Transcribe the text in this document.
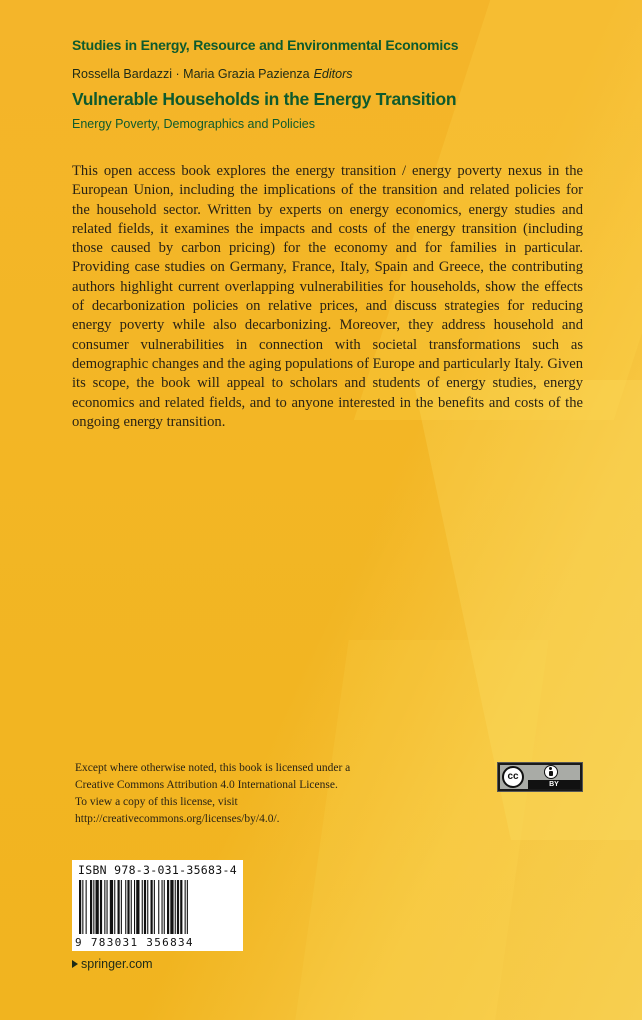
Studies in Energy, Resource and Environmental Economics
Rossella Bardazzi · Maria Grazia Pazienza Editors
Vulnerable Households in the Energy Transition
Energy Poverty, Demographics and Policies
This open access book explores the energy transition / energy poverty nexus in the European Union, including the implications of the transition and related policies for the household sector. Written by experts on energy economics, energy studies and related fields, it examines the impacts and costs of the energy transition (including those caused by carbon pricing) for the economy and for families in particular. Providing case studies on Germany, France, Italy, Spain and Greece, the contributing authors highlight current overlapping vulnerabilities for households, show the effects of decarbonization policies on relative prices, and discuss strategies for reducing energy poverty while also decarbonizing. Moreover, they address household and consumer vulnerabilities in connection with societal transformations such as demographic changes and the aging populations of Europe and particularly Italy. Given its scope, the book will appeal to scholars and students of energy studies, energy economics and related fields, and to anyone interested in the benefits and costs of the ongoing energy transition.
Except where otherwise noted, this book is licensed under a
Creative Commons Attribution 4.0 International License.
To view a copy of this license, visit
http://creativecommons.org/licenses/by/4.0/.
cc
BY
ISBN 978-3-031-35683-4
9 783031 356834
springer.com
